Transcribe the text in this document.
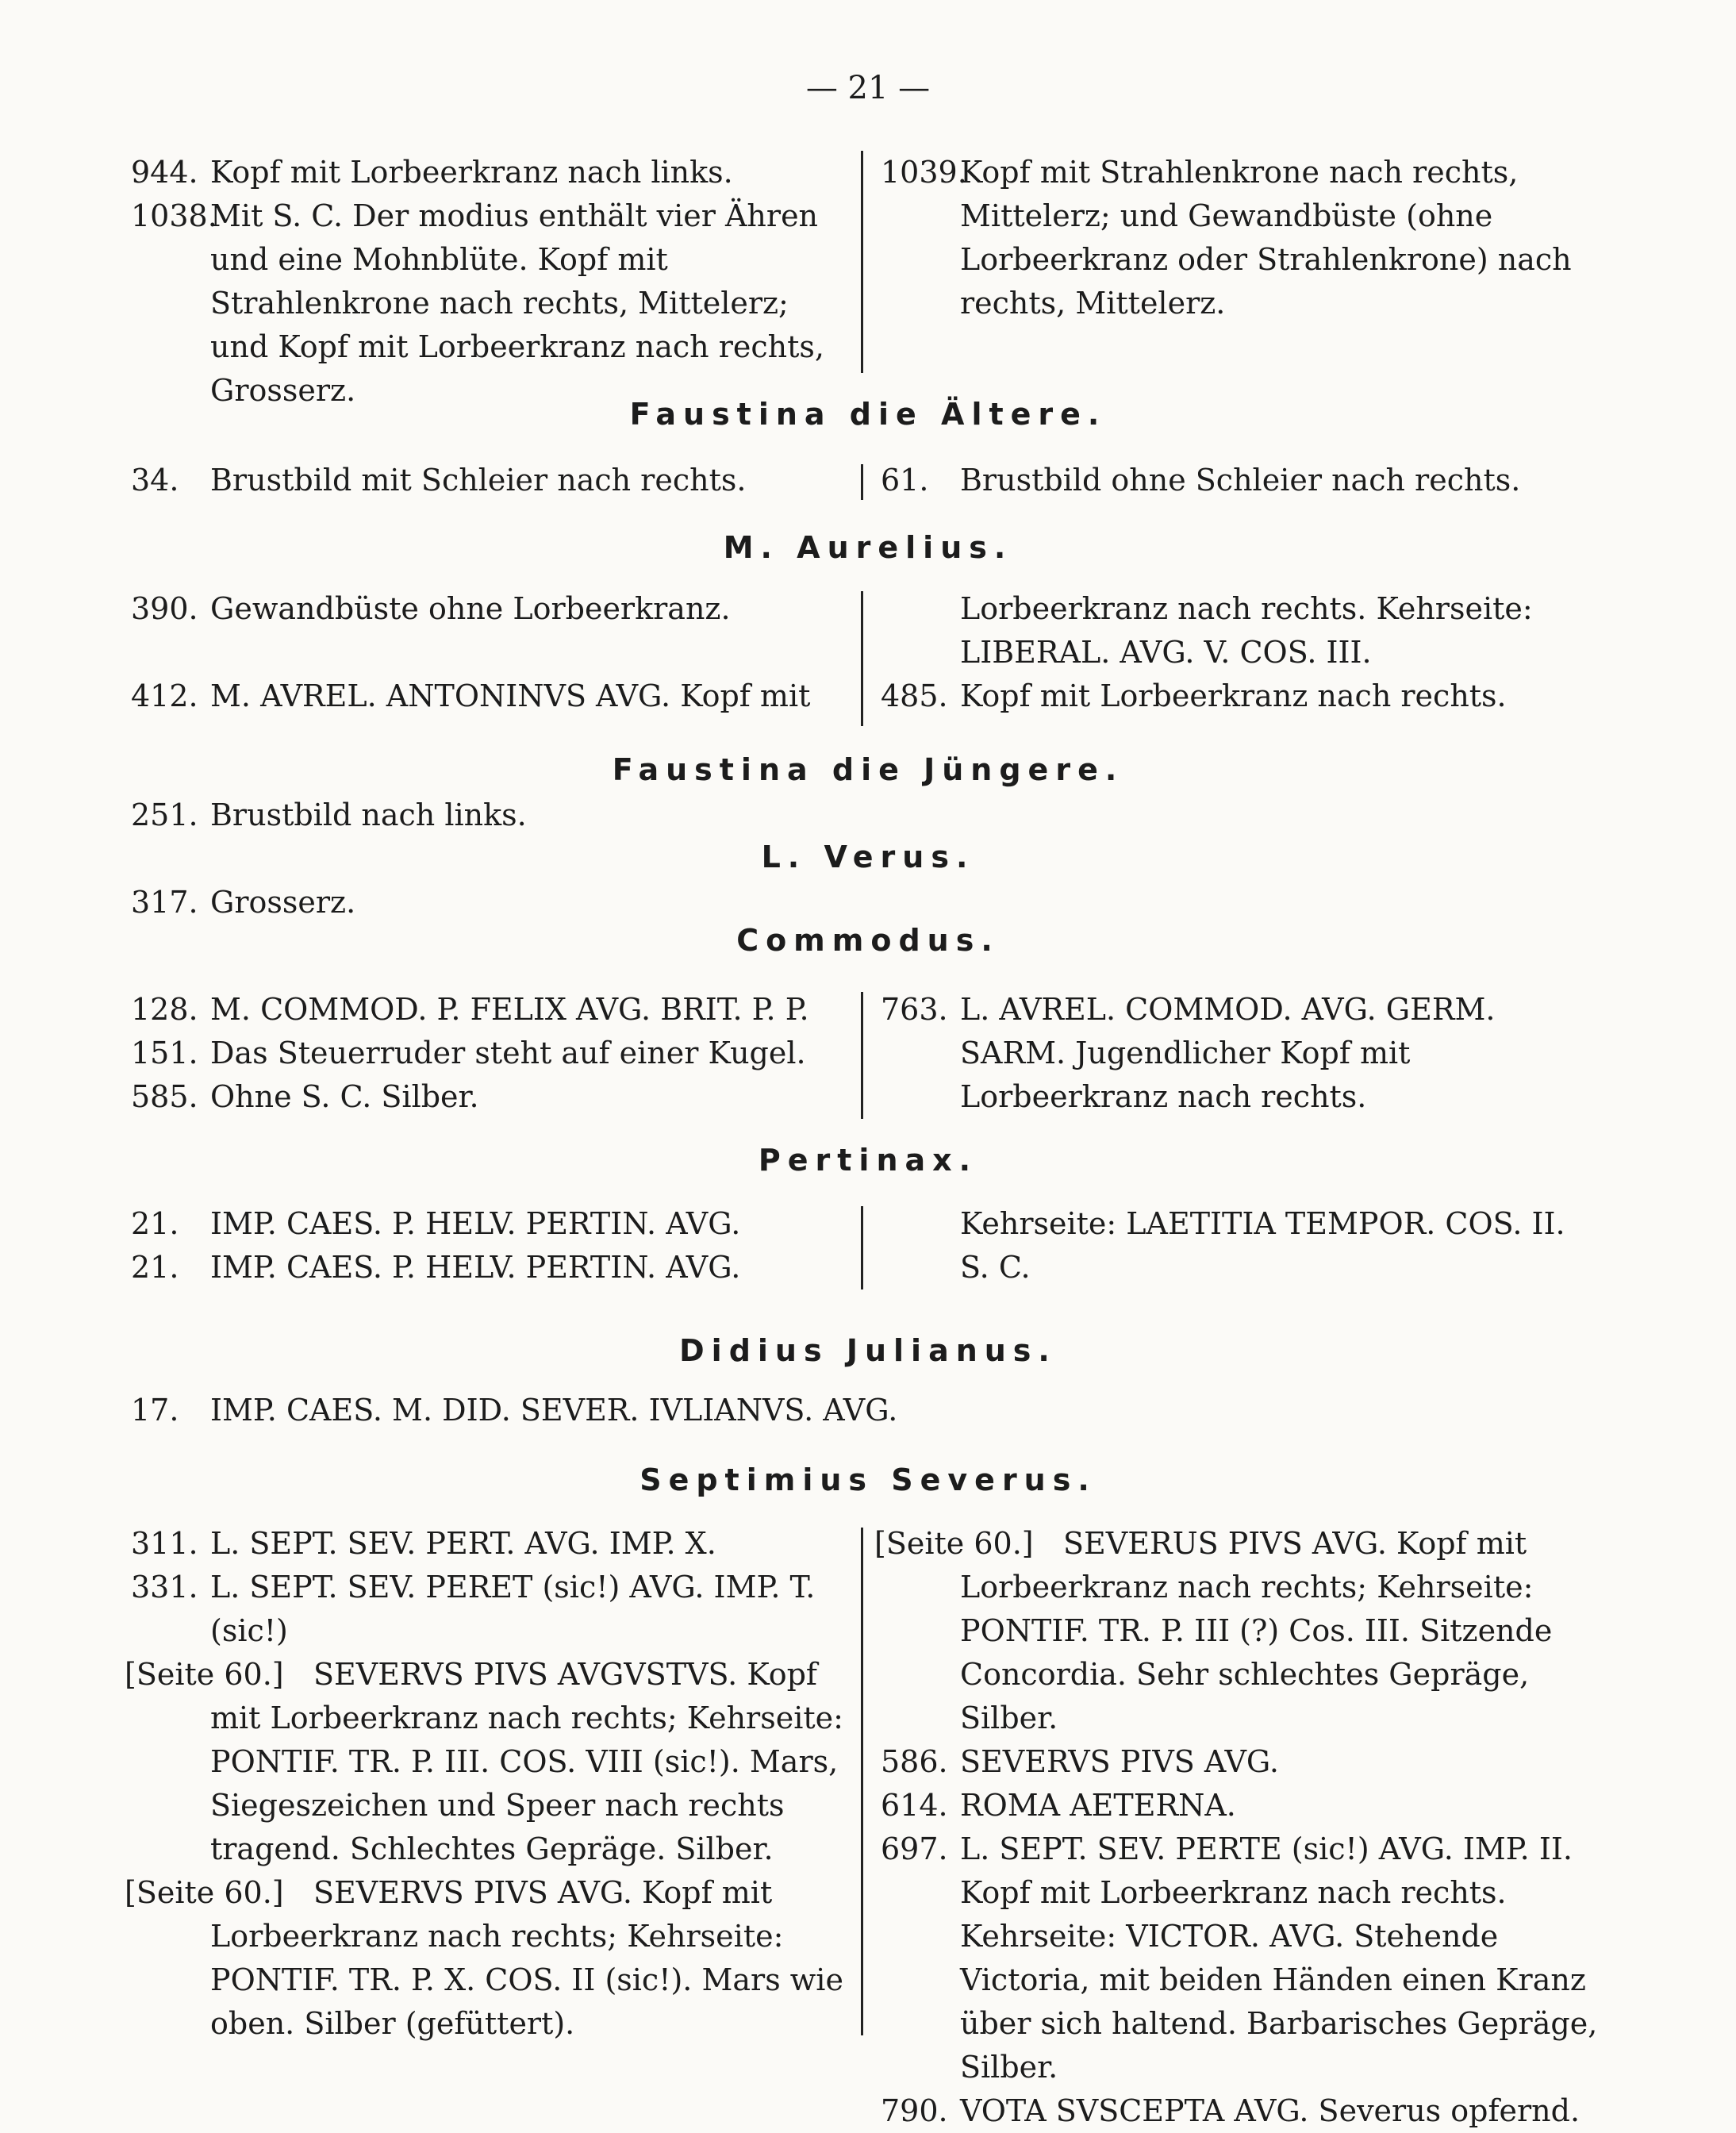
— 21 —
944. Kopf mit Lorbeerkranz nach links.
1038.
Mit S. C. Der modius enthält vier Ähren und eine Mohnblüte. Kopf mit Strahlenkrone nach rechts, Mittelerz; und Kopf mit Lorbeerkranz nach rechts, Grosserz.
1039.
Kopf mit Strahlenkrone nach rechts, Mittelerz; und Gewandbüste (ohne Lorbeerkranz oder Strahlenkrone) nach rechts, Mittelerz.
Faustina die Ältere.
34. Brustbild mit Schleier nach rechts.	61. Brustbild ohne Schleier nach rechts.
M. Aurelius.
390. Gewandbüste ohne Lorbeerkranz.
412. M. AVREL. ANTONINVS AVG. Kopf mit
Lorbeerkranz nach rechts. Kehrseite: LIBERAL. AVG. V. COS. III.
485. Kopf mit Lorbeerkranz nach rechts.
Faustina die Jüngere.
251. Brustbild nach links.
L. Verus.
317. Grosserz.
Commodus.
128. M. COMMOD. P. FELIX AVG. BRIT. P. P.
151. Das Steuerruder steht auf einer Kugel.
585. Ohne S. C. Silber.
763. L. AVREL. COMMOD. AVG. GERM. SARM. Jugendlicher Kopf mit Lorbeerkranz nach rechts.
Pertinax.
21. IMP. CAES. P. HELV. PERTIN. AVG.
21. IMP. CAES. P. HELV. PERTIN. AVG.
Kehrseite: LAETITIA TEMPOR. COS. II.
S. C.
Didius Julianus.
17. IMP. CAES. M. DID. SEVER. IVLIANVS. AVG.
Septimius Severus.
311. L. SEPT. SEV. PERT. AVG. IMP. X.
331. L. SEPT. SEV. PERET (sic!) AVG. IMP. T. (sic!)
[Seite 60.] SEVERVS PIVS AVGVSTVS. Kopf mit Lorbeerkranz nach rechts; Kehrseite: PONTIF. TR. P. III. COS. VIII (sic!). Mars, Siegeszeichen und Speer nach rechts tragend. Schlechtes Gepräge. Silber.
[Seite 60.] SEVERVS PIVS AVG. Kopf mit Lorbeerkranz nach rechts; Kehrseite: PONTIF. TR. P. X. COS. II (sic!). Mars wie oben. Silber (gefüttert).
[Seite 60.] SEVERUS PIVS AVG. Kopf mit Lorbeerkranz nach rechts; Kehrseite: PONTIF. TR. P. III (?) Cos. III. Sitzende Concordia. Sehr schlechtes Gepräge, Silber.
586. SEVERVS PIVS AVG.
614. ROMA AETERNA.
697. L. SEPT. SEV. PERTE (sic!) AVG. IMP. II. Kopf mit Lorbeerkranz nach rechts. Kehrseite: VICTOR. AVG. Stehende Victoria, mit beiden Händen einen Kranz über sich haltend. Barbarisches Gepräge, Silber.
790. VOTA SVSCEPTA AVG. Severus opfernd.
